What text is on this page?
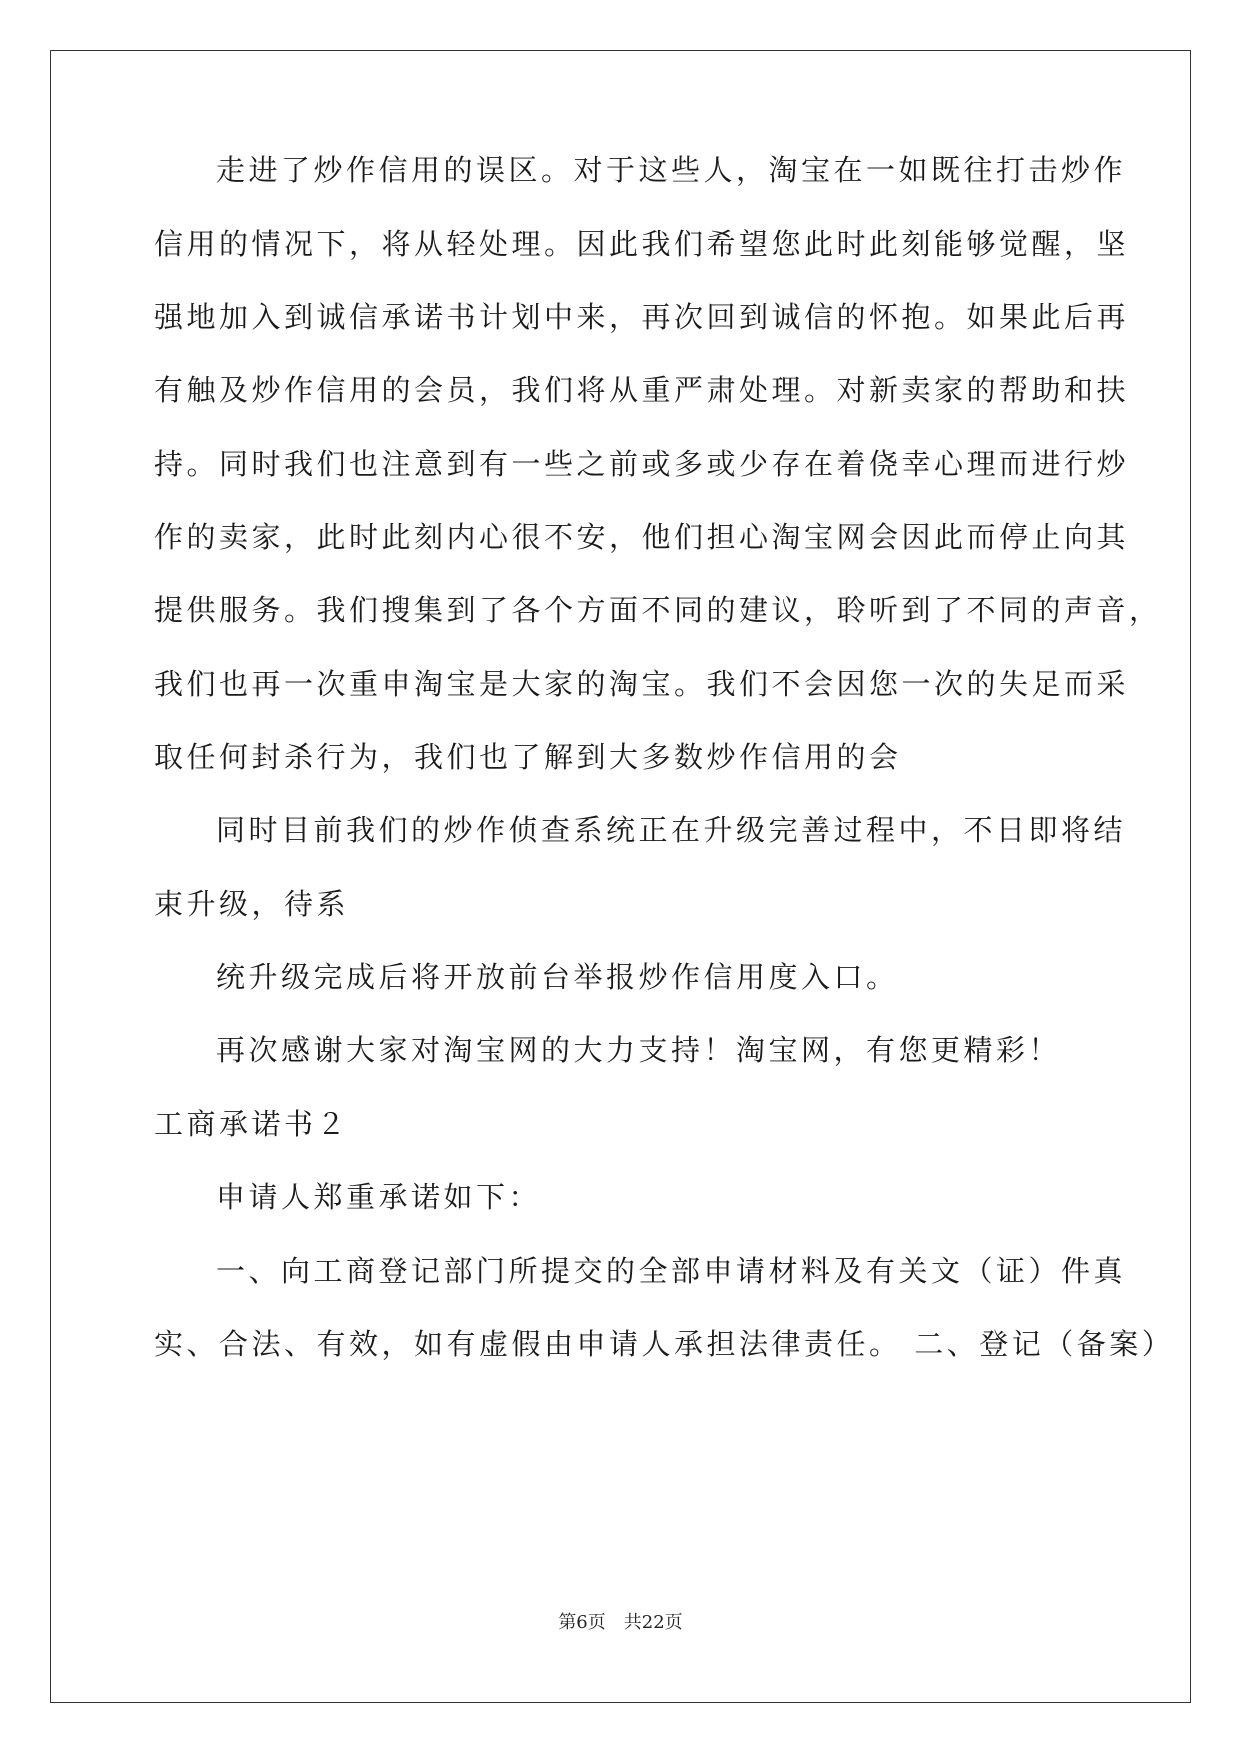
走进了炒作信用的误区。对于这些人，淘宝在一如既往打击炒作
信用的情况下，将从轻处理。因此我们希望您此时此刻能够觉醒，坚
强地加入到诚信承诺书计划中来，再次回到诚信的怀抱。如果此后再
有触及炒作信用的会员，我们将从重严肃处理。对新卖家的帮助和扶
持。同时我们也注意到有一些之前或多或少存在着侥幸心理而进行炒
作的卖家，此时此刻内心很不安，他们担心淘宝网会因此而停止向其
提供服务。我们搜集到了各个方面不同的建议，聆听到了不同的声音，
我们也再一次重申淘宝是大家的淘宝。我们不会因您一次的失足而采
取任何封杀行为，我们也了解到大多数炒作信用的会
同时目前我们的炒作侦查系统正在升级完善过程中，不日即将结
束升级，待系
统升级完成后将开放前台举报炒作信用度入口。
再次感谢大家对淘宝网的大力支持！淘宝网，有您更精彩！
工商承诺书２
申请人郑重承诺如下：
一、向工商登记部门所提交的全部申请材料及有关文（证）件真
实、合法、有效，如有虚假由申请人承担法律责任。 二、登记（备案）
第6页　共22页
